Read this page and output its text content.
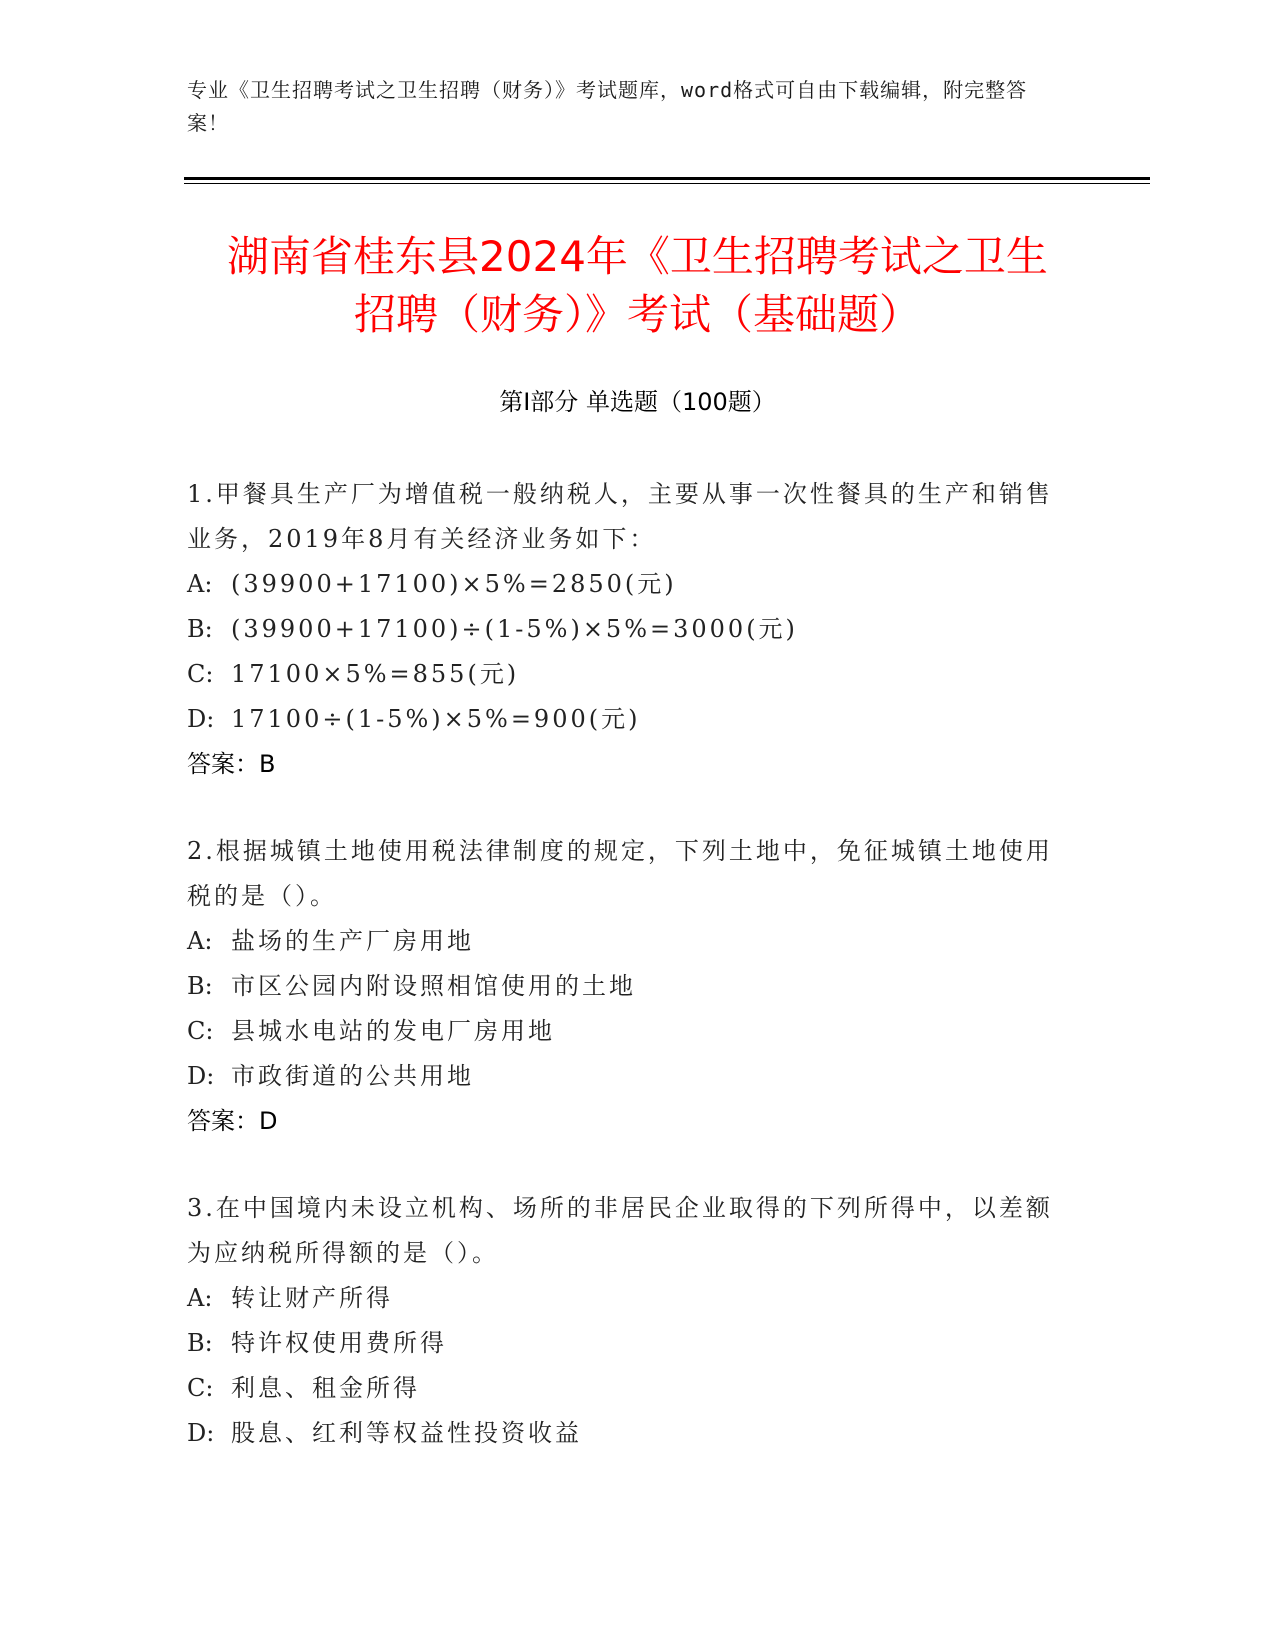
专业《卫生招聘考试之卫生招聘（财务）》考试题库，word格式可自由下载编辑，附完整答案！
湖南省桂东县2024年《卫生招聘考试之卫生
招聘（财务）》考试（基础题）
第Ⅰ部分 单选题（100题）
1.甲餐具生产厂为增值税一般纳税人，主要从事一次性餐具的生产和销售业务，2019年8月有关经济业务如下：
A: (39900+17100)×5%=2850(元)
B: (39900+17100)÷(1-5%)×5%=3000(元)
C: 17100×5%=855(元)
D: 17100÷(1-5%)×5%=900(元)
答案：B
2.根据城镇土地使用税法律制度的规定，下列土地中，免征城镇土地使用税的是（）。
A: 盐场的生产厂房用地
B: 市区公园内附设照相馆使用的土地
C: 县城水电站的发电厂房用地
D: 市政街道的公共用地
答案：D
3.在中国境内未设立机构、场所的非居民企业取得的下列所得中，以差额为应纳税所得额的是（）。
A: 转让财产所得
B: 特许权使用费所得
C: 利息、租金所得
D: 股息、红利等权益性投资收益
